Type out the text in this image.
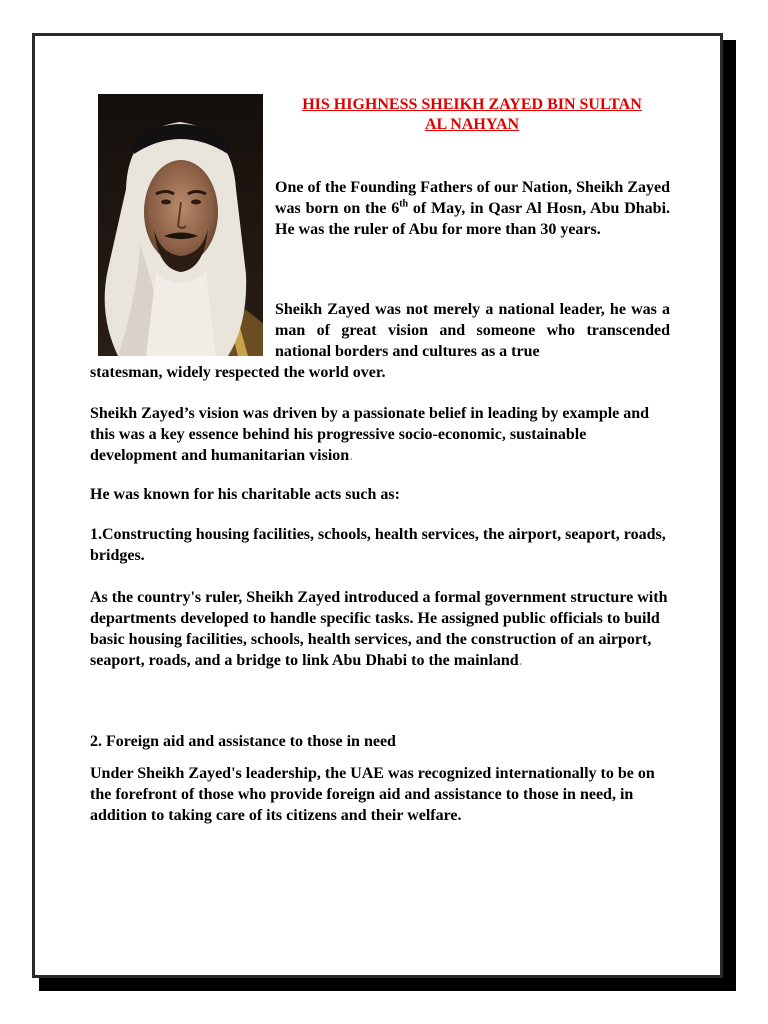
HIS HIGHNESS SHEIKH ZAYED BIN SULTAN
AL NAHYAN

One of the Founding Fathers of our Nation, Sheikh Zayed was born on the 6th of May, in Qasr Al Hosn, Abu Dhabi. He was the ruler of Abu for more than 30 years.

Sheikh Zayed was not merely a national leader, he was a man of great vision and someone who transcended national borders and cultures as a true

statesman, widely respected the world over.

Sheikh Zayed’s vision was driven by a passionate belief in leading by example and this was a key essence behind his progressive socio-economic, sustainable development and humanitarian vision.

He was known for his charitable acts such as:

1.Constructing housing facilities, schools, health services, the airport, seaport, roads, bridges.

As the country's ruler, Sheikh Zayed introduced a formal government structure with departments developed to handle specific tasks. He assigned public officials to build basic housing facilities, schools, health services, and the construction of an airport, seaport, roads, and a bridge to link Abu Dhabi to the mainland.

2. Foreign aid and assistance to those in need

Under Sheikh Zayed's leadership, the UAE was recognized internationally to be on the forefront of those who provide foreign aid and assistance to those in need, in addition to taking care of its citizens and their welfare.
